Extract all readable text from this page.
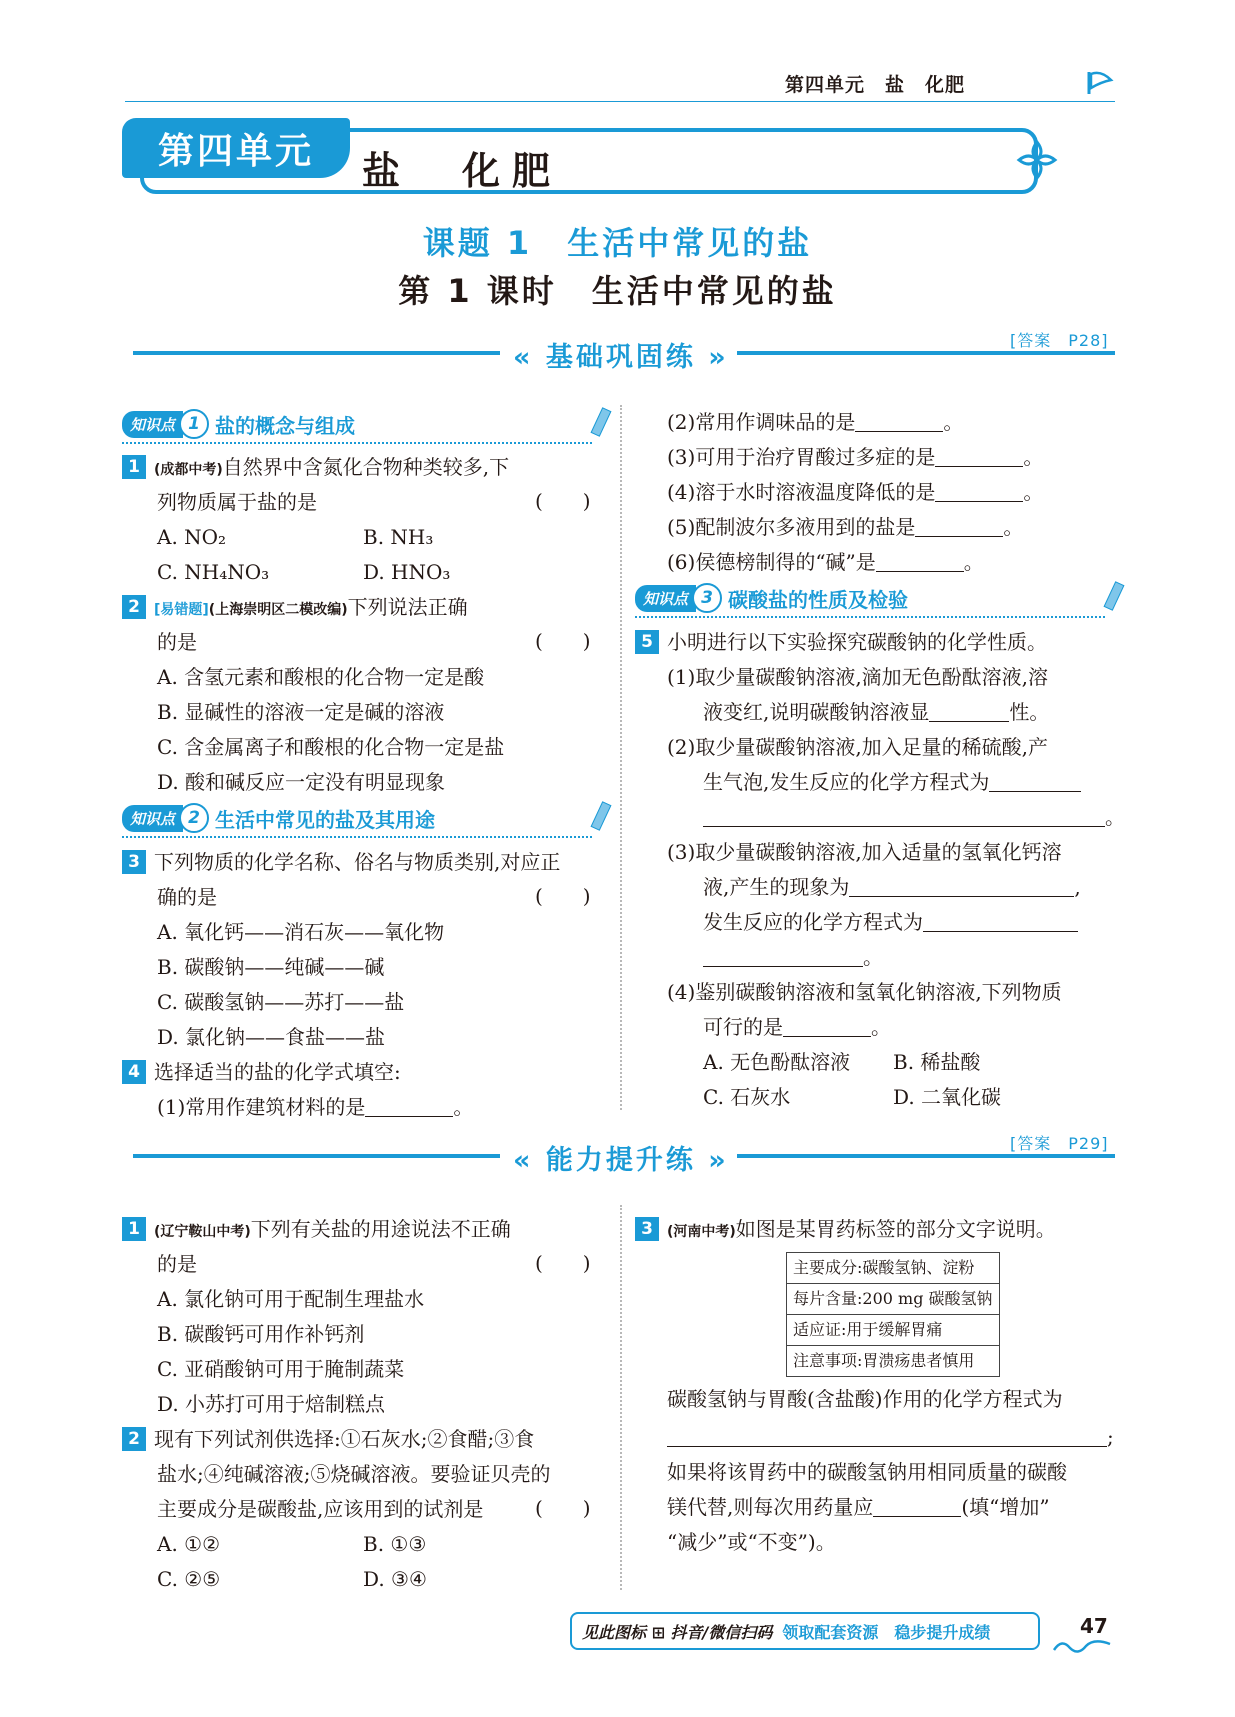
第四单元　盐　化肥
第四单元	盐　化肥
课题 1　生活中常见的盐
第 1 课时　生活中常见的盐
« 基础巩固练 »
[答案　P28]
知识点 1 盐的概念与组成
1 (成都中考)自然界中含氮化合物种类较多,下
列物质属于盐的是	(　　)
A. NO₂	B. NH₃
C. NH₄NO₃	D. HNO₃
2 [易错题](上海崇明区二模改编)下列说法正确
的是	(　　)
A. 含氢元素和酸根的化合物一定是酸
B. 显碱性的溶液一定是碱的溶液
C. 含金属离子和酸根的化合物一定是盐
D. 酸和碱反应一定没有明显现象
知识点 2 生活中常见的盐及其用途
3 下列物质的化学名称、俗名与物质类别,对应正
确的是	(　　)
A. 氧化钙——消石灰——氧化物
B. 碳酸钠——纯碱——碱
C. 碳酸氢钠——苏打——盐
D. 氯化钠——食盐——盐
4 选择适当的盐的化学式填空:
(1)常用作建筑材料的是	。
(2)常用作调味品的是	。
(3)可用于治疗胃酸过多症的是	。
(4)溶于水时溶液温度降低的是	。
(5)配制波尔多液用到的盐是	。
(6)侯德榜制得的“碱”是	。
知识点 3 碳酸盐的性质及检验
5 小明进行以下实验探究碳酸钠的化学性质。
(1)取少量碳酸钠溶液,滴加无色酚酞溶液,溶
液变红,说明碳酸钠溶液显	性。
(2)取少量碳酸钠溶液,加入足量的稀硫酸,产
生气泡,发生反应的化学方程式为
。
(3)取少量碳酸钠溶液,加入适量的氢氧化钙溶
液,产生的现象为	,
发生反应的化学方程式为
。
(4)鉴别碳酸钠溶液和氢氧化钠溶液,下列物质
可行的是	。
A. 无色酚酞溶液 B. 稀盐酸
C. 石灰水	D. 二氧化碳
« 能力提升练 »
[答案　P29]
1 (辽宁鞍山中考)下列有关盐的用途说法不正确
的是	(　　)
A. 氯化钠可用于配制生理盐水
B. 碳酸钙可用作补钙剂
C. 亚硝酸钠可用于腌制蔬菜
D. 小苏打可用于焙制糕点
2 现有下列试剂供选择:①石灰水;②食醋;③食
盐水;④纯碱溶液;⑤烧碱溶液。要验证贝壳的
主要成分是碳酸盐,应该用到的试剂是	(　　)
A. ①②	B. ①③
C. ②⑤	D. ③④
3 (河南中考)如图是某胃药标签的部分文字说明。
主要成分:碳酸氢钠、淀粉
每片含量:200 mg 碳酸氢钠
适应证:用于缓解胃痛
注意事项:胃溃疡患者慎用
碳酸氢钠与胃酸(含盐酸)作用的化学方程式为
;
如果将该胃药中的碳酸氢钠用相同质量的碳酸
镁代替,则每次用药量应	(填“增加”
“减少”或“不变”)。
见此图标 ⊞ 抖音/微信扫码 领取配套资源　稳步提升成绩	47
